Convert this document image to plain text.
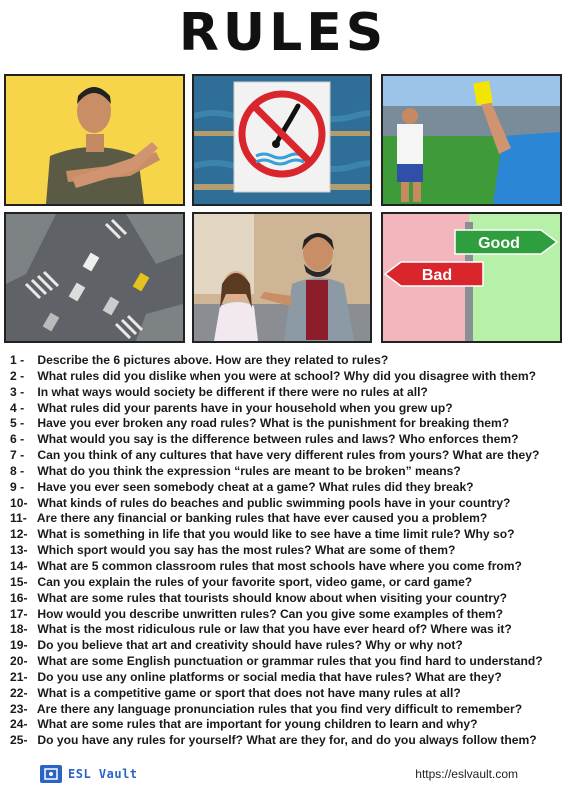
RULES
Good
Bad
1 - Describe the 6 pictures above. How are they related to rules?
2 - What rules did you dislike when you were at school? Why did you disagree with them?
3 - In what ways would society be different if there were no rules at all?
4 - What rules did your parents have in your household when you grew up?
5 - Have you ever broken any road rules? What is the punishment for breaking them?
6 - What would you say is the difference between rules and laws? Who enforces them?
7 - Can you think of any cultures that have very different rules from yours? What are they?
8 - What do you think the expression “rules are meant to be broken” means?
9 - Have you ever seen somebody cheat at a game? What rules did they break?
10- What kinds of rules do beaches and public swimming pools have in your country?
11- Are there any financial or banking rules that have ever caused you a problem?
12- What is something in life that you would like to see have a time limit rule? Why so?
13- Which sport would you say has the most rules? What are some of them?
14- What are 5 common classroom rules that most schools have where you come from?
15- Can you explain the rules of your favorite sport, video game, or card game?
16- What are some rules that tourists should know about when visiting your country?
17- How would you describe unwritten rules? Can you give some examples of them?
18- What is the most ridiculous rule or law that you have ever heard of? Where was it?
19- Do you believe that art and creativity should have rules? Why or why not?
20- What are some English punctuation or grammar rules that you find hard to understand?
21- Do you use any online platforms or social media that have rules? What are they?
22- What is a competitive game or sport that does not have many rules at all?
23- Are there any language pronunciation rules that you find very difficult to remember?
24- What are some rules that are important for young children to learn and why?
25- Do you have any rules for yourself? What are they for, and do you always follow them?
ESL Vault	https://eslvault.com
